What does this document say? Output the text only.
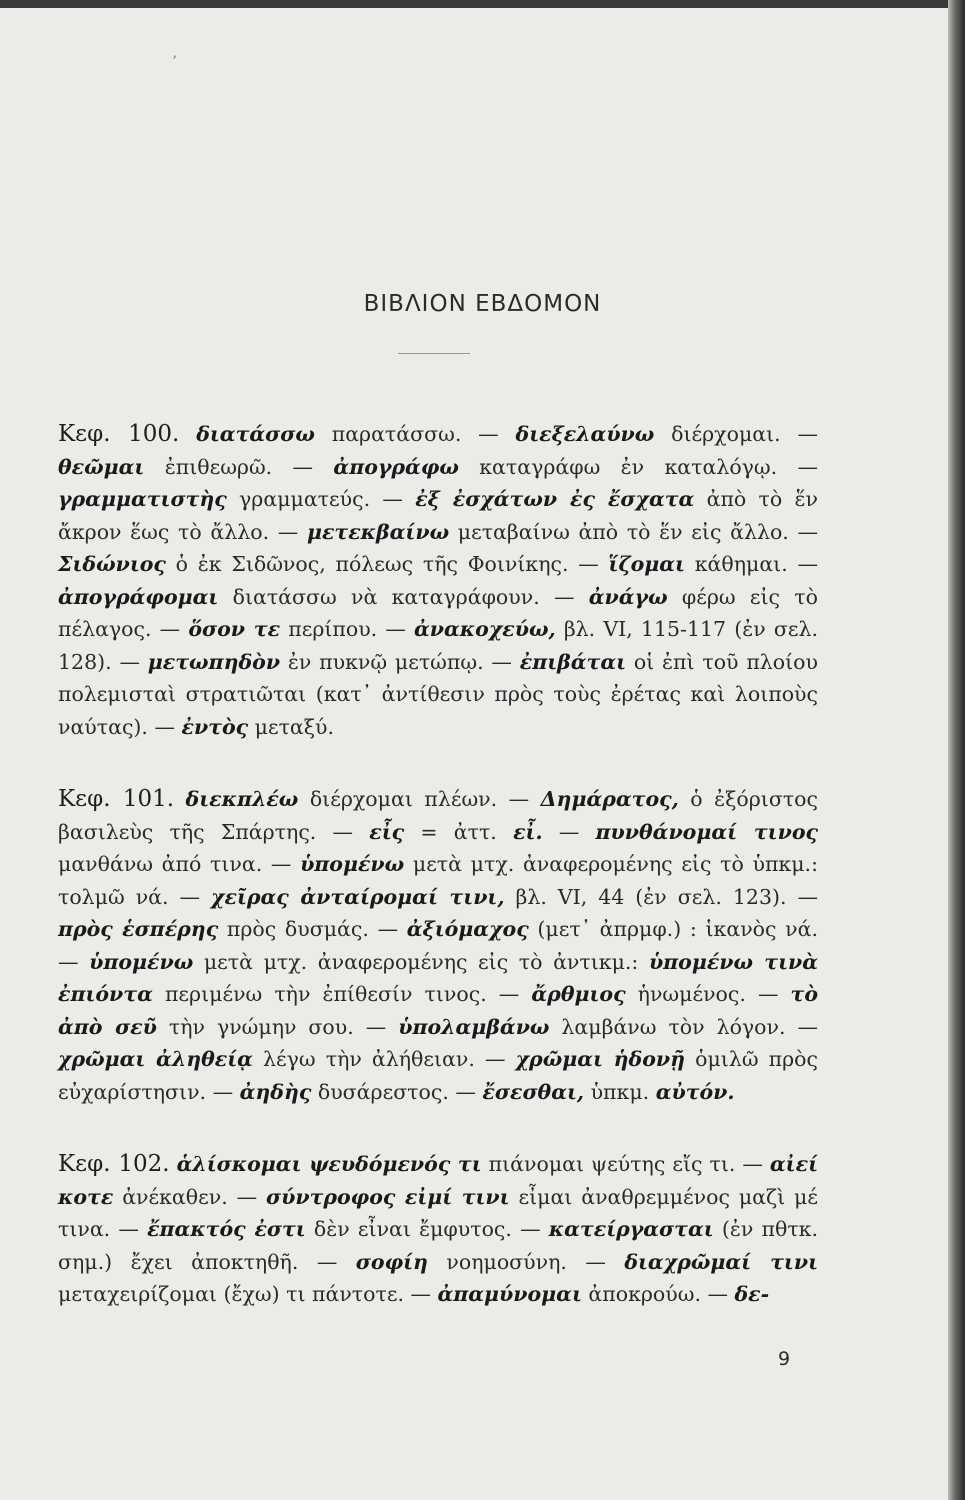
ʼ
ΒΙΒΛΙΟΝ ΕΒΔΟΜΟΝ
Κεφ. 100. διατάσσω παρατάσσω. — διεξελαύνω διέρχομαι. — θεῶμαι ἐπιθεωρῶ. — ἀπογράφω καταγράφω ἐν καταλόγῳ. — γραμματιστὴς γραμματεύς. — ἐξ ἐσχάτων ἐς ἔσχατα ἀπὸ τὸ ἕν ἄκρον ἕως τὸ ἄλλο. — μετεκβαίνω μεταβαίνω ἀπὸ τὸ ἕν εἰς ἄλλο. — Σιδώνιος ὁ ἐκ Σιδῶνος, πόλεως τῆς Φοινίκης. — ἵζομαι κάθημαι. — ἀπογράφομαι διατάσσω νὰ καταγράφουν. — ἀνάγω φέρω εἰς τὸ πέλαγος. — ὅσον τε περίπου. — ἀνακοχεύω, βλ. VI, 115-117 (ἐν σελ. 128). — μετωπηδὸν ἐν πυκνῷ μετώπῳ. — ἐπιβάται οἱ ἐπὶ τοῦ πλοίου πολεμισταὶ στρατιῶται (κατ᾿ ἀντίθεσιν πρὸς τοὺς ἐρέτας καὶ λοιποὺς ναύτας). — ἐντὸς μεταξύ.
Κεφ. 101. διεκπλέω διέρχομαι πλέων. — Δημάρατος, ὁ ἐξόριστος βασιλεὺς τῆς Σπάρτης. — εἶς = ἀττ. εἶ. — πυνθάνομαί τινος μανθάνω ἀπό τινα. — ὑπομένω μετὰ μτχ. ἀναφερομένης εἰς τὸ ὑπκμ.: τολμῶ νά. — χεῖρας ἀνταίρομαί τινι, βλ. VI, 44 (ἐν σελ. 123). — πρὸς ἑσπέρης πρὸς δυσμάς. — ἀξιόμαχος (μετ᾿ ἀπρμφ.) : ἱκανὸς νά. — ὑπομένω μετὰ μτχ. ἀναφερομένης εἰς τὸ ἀντικμ.: ὑπομένω τινὰ ἐπιόντα περιμένω τὴν ἐπίθεσίν τινος. — ἄρθμιος ἡνωμένος. — τὸ ἀπὸ σεῦ τὴν γνώμην σου. — ὑπολαμβάνω λαμβάνω τὸν λόγον. — χρῶμαι ἀληθείᾳ λέγω τὴν ἀλήθειαν. — χρῶμαι ἡδονῇ ὁμιλῶ πρὸς εὐχαρίστησιν. — ἀηδὴς δυσάρεστος. — ἔσεσθαι, ὑπκμ. αὐτόν.
Κεφ. 102. ἁλίσκομαι ψευδόμενός τι πιάνομαι ψεύτης εἴς τι. — αἰεί κοτε ἀνέκαθεν. — σύντροφος εἰμί τινι εἶμαι ἀναθρεμμένος μαζὶ μέ τινα. — ἔπακτός ἐστι δὲν εἶναι ἔμφυτος. — κατείργασται (ἐν πθτκ. σημ.) ἔχει ἀποκτηθῆ. — σοφίη νοημοσύνη. — διαχρῶμαί τινι μεταχειρίζομαι (ἔχω) τι πάντοτε. — ἀπαμύνομαι ἀποκρούω. — δε-
9
